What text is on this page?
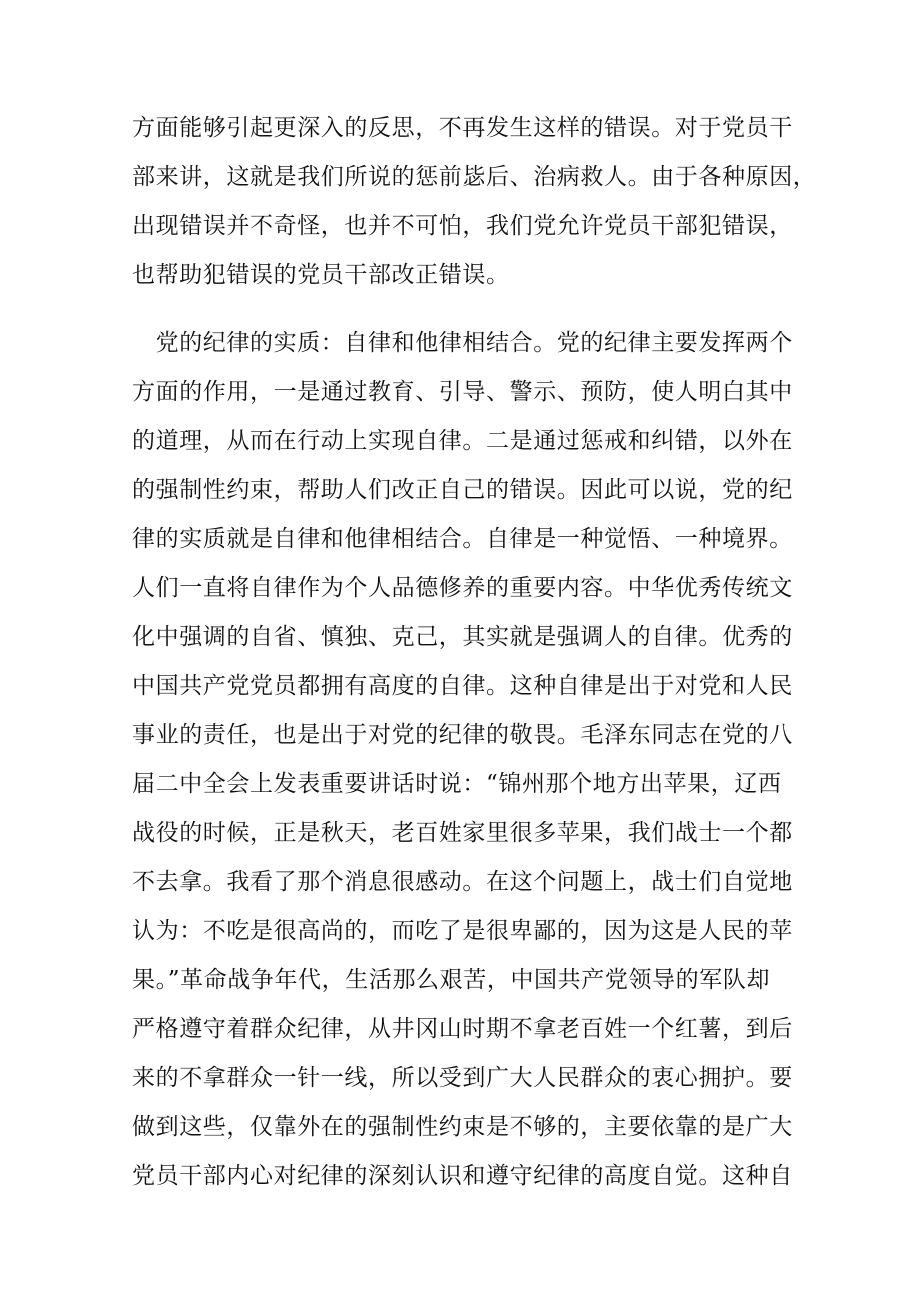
方面能够引起更深入的反思，不再发生这样的错误。对于党员干
部来讲，这就是我们所说的惩前毖后、治病救人。由于各种原因，
出现错误并不奇怪，也并不可怕，我们党允许党员干部犯错误，
也帮助犯错误的党员干部改正错误。
　党的纪律的实质：自律和他律相结合。党的纪律主要发挥两个
方面的作用，一是通过教育、引导、警示、预防，使人明白其中
的道理，从而在行动上实现自律。二是通过惩戒和纠错，以外在
的强制性约束，帮助人们改正自己的错误。因此可以说，党的纪
律的实质就是自律和他律相结合。自律是一种觉悟、一种境界。
人们一直将自律作为个人品德修养的重要内容。中华优秀传统文
化中强调的自省、慎独、克己，其实就是强调人的自律。优秀的
中国共产党党员都拥有高度的自律。这种自律是出于对党和人民
事业的责任，也是出于对党的纪律的敬畏。毛泽东同志在党的八
届二中全会上发表重要讲话时说：“锦州那个地方出苹果，辽西
战役的时候，正是秋天，老百姓家里很多苹果，我们战士一个都
不去拿。我看了那个消息很感动。在这个问题上，战士们自觉地
认为：不吃是很高尚的，而吃了是很卑鄙的，因为这是人民的苹
果。”革命战争年代，生活那么艰苦，中国共产党领导的军队却
严格遵守着群众纪律，从井冈山时期不拿老百姓一个红薯，到后
来的不拿群众一针一线，所以受到广大人民群众的衷心拥护。要
做到这些，仅靠外在的强制性约束是不够的，主要依靠的是广大
党员干部内心对纪律的深刻认识和遵守纪律的高度自觉。这种自
